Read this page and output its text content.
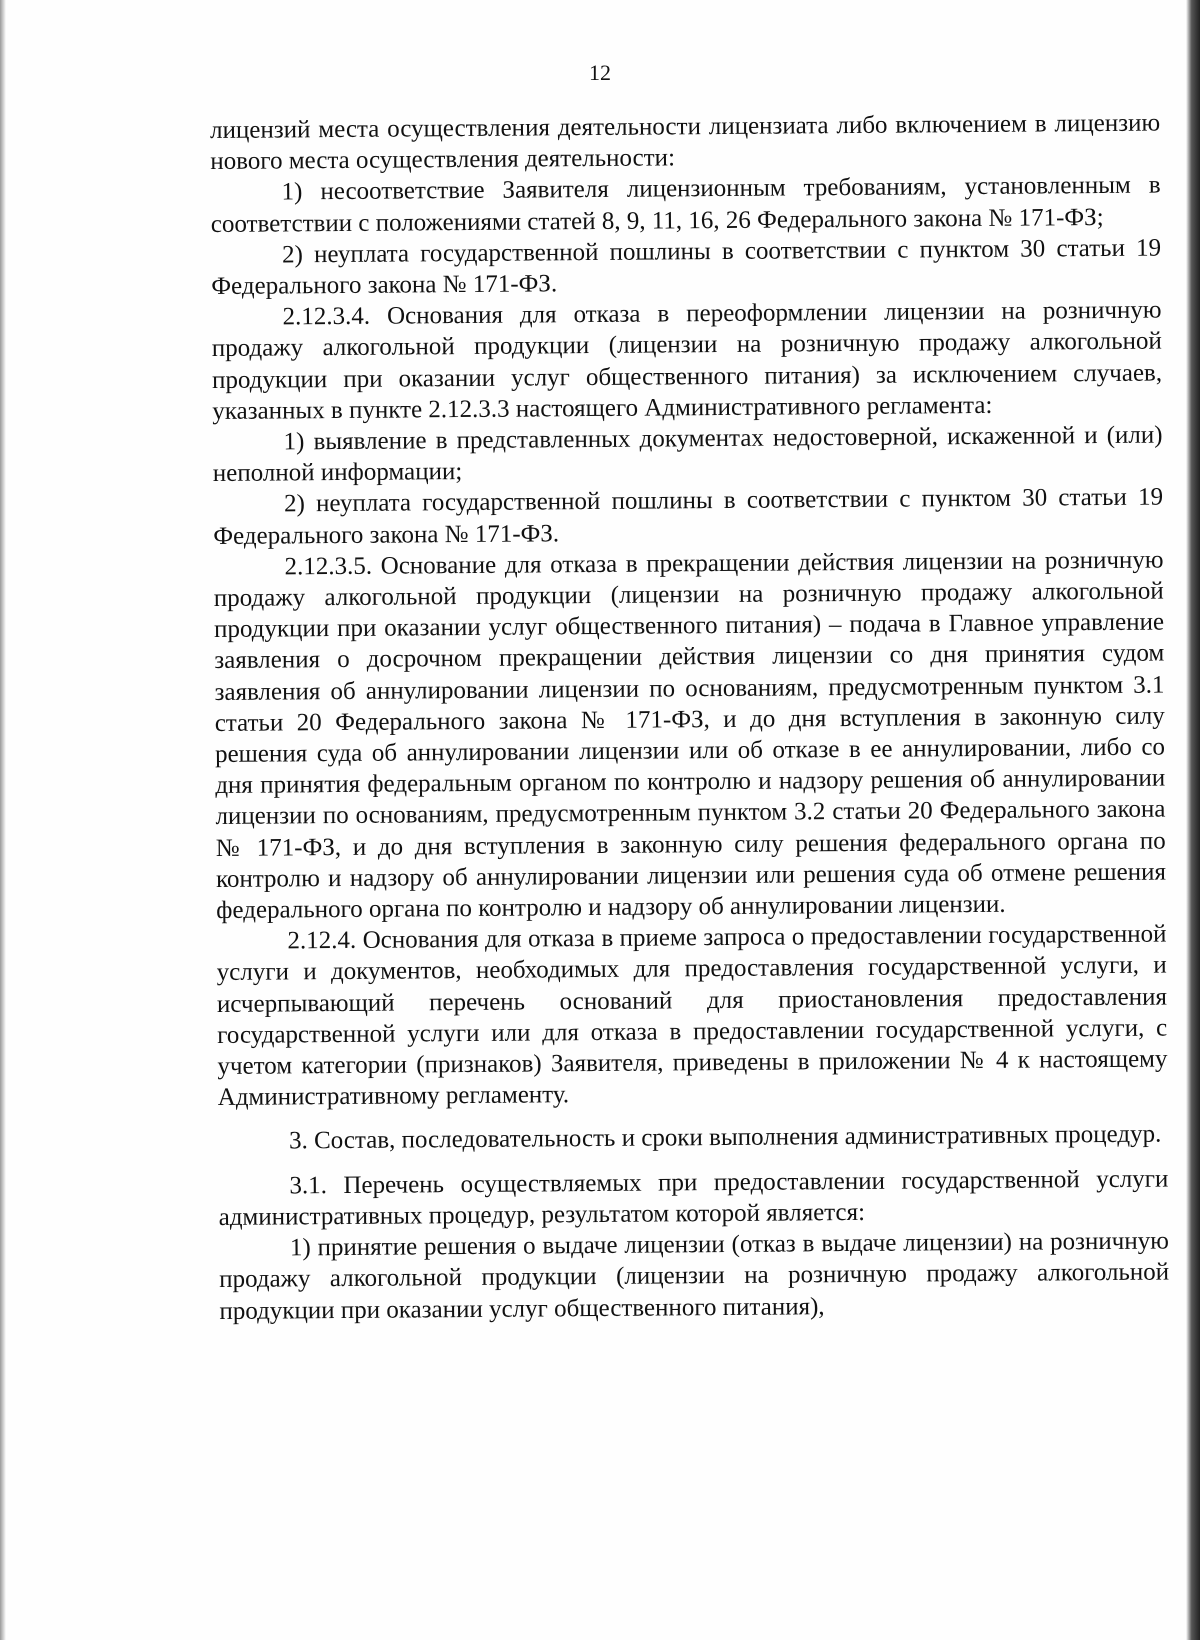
12

лицензий места осуществления деятельности лицензиата либо включением в лицензию нового места осуществления деятельности:

1) несоответствие Заявителя лицензионным требованиям, установленным в соответствии с положениями статей 8, 9, 11, 16, 26 Федерального закона № 171-ФЗ;

2) неуплата государственной пошлины в соответствии с пунктом 30 статьи 19 Федерального закона № 171-ФЗ.

2.12.3.4. Основания для отказа в переоформлении лицензии на розничную продажу алкогольной продукции (лицензии на розничную продажу алкогольной продукции при оказании услуг общественного питания) за исключением случаев, указанных в пункте 2.12.3.3 настоящего Административного регламента:

1) выявление в представленных документах недостоверной, искаженной и (или) неполной информации;

2) неуплата государственной пошлины в соответствии с пунктом 30 статьи 19 Федерального закона № 171-ФЗ.

2.12.3.5. Основание для отказа в прекращении действия лицензии на розничную продажу алкогольной продукции (лицензии на розничную продажу алкогольной продукции при оказании услуг общественного питания) – подача в Главное управление заявления о досрочном прекращении действия лицензии со дня принятия судом заявления об аннулировании лицензии по основаниям, предусмотренным пунктом 3.1 статьи 20 Федерального закона № 171-ФЗ, и до дня вступления в законную силу решения суда об аннулировании лицензии или об отказе в ее аннулировании, либо со дня принятия федеральным органом по контролю и надзору решения об аннулировании лицензии по основаниям, предусмотренным пунктом 3.2 статьи 20 Федерального закона № 171-ФЗ, и до дня вступления в законную силу решения федерального органа по контролю и надзору об аннулировании лицензии или решения суда об отмене решения федерального органа по контролю и надзору об аннулировании лицензии.

2.12.4. Основания для отказа в приеме запроса о предоставлении государственной услуги и документов, необходимых для предоставления государственной услуги, и исчерпывающий перечень оснований для приостановления предоставления государственной услуги или для отказа в предоставлении государственной услуги, с учетом категории (признаков) Заявителя, приведены в приложении № 4 к настоящему Административному регламенту.

3. Состав, последовательность и сроки выполнения административных процедур.

3.1. Перечень осуществляемых при предоставлении государственной услуги административных процедур, результатом которой является:

1) принятие решения о выдаче лицензии (отказ в выдаче лицензии) на розничную продажу алкогольной продукции (лицензии на розничную продажу алкогольной продукции при оказании услуг общественного питания),
